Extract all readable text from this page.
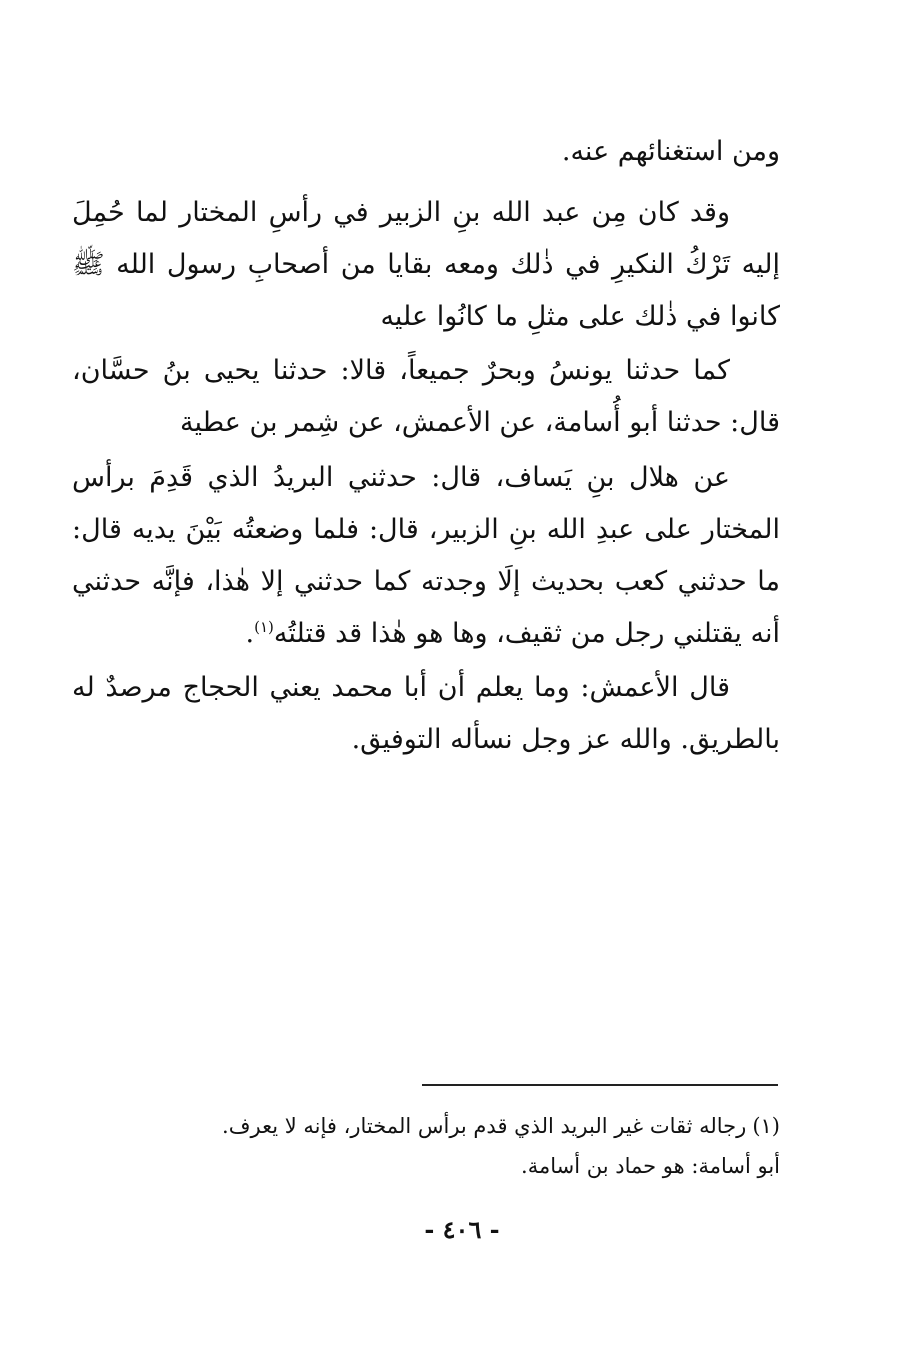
ومن استغنائهم عنه.

وقد كان مِن عبد الله بنِ الزبير في رأسِ المختار لما حُمِلَ إليه تَرْكُ النكيرِ في ذٰلك ومعه بقايا من أصحابِ رسول الله ﷺ كانوا في ذٰلك على مثلِ ما كانُوا عليه

كما حدثنا يونسُ وبحرٌ جميعاً، قالا: حدثنا يحيى بنُ حسَّان، قال: حدثنا أبو أُسامة، عن الأعمش، عن شِمر بن عطية

عن هلال بنِ يَساف، قال: حدثني البريدُ الذي قَدِمَ برأس المختار على عبدِ الله بنِ الزبير، قال: فلما وضعتُه بَيْنَ يديه قال: ما حدثني كعب بحديث إلَا وجدته كما حدثني إلا هٰذا، فإنَّه حدثني أنه يقتلني رجل من ثقيف، وها هو هٰذا قد قتلتُه$^{(١)}$.

قال الأعمش: وما يعلم أن أبا محمد يعني الحجاج مرصدٌ له بالطريق. والله عز وجل نسأله التوفيق.

(١)رجاله ثقات غير البريد الذي قدم برأس المختار، فإنه لا يعرف.

أبو أسامة: هو حماد بن أسامة.

- ٤٠٦ -
